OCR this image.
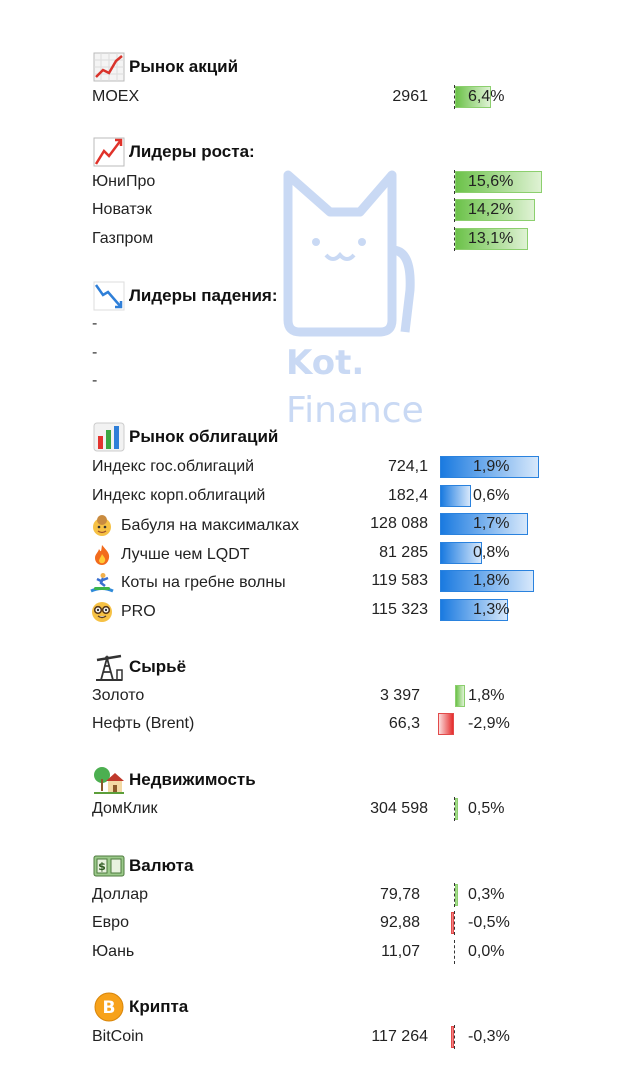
Kot.
Finance
Рынок акций
MOEX	2961	6,4%
Лидеры роста:
ЮниПро	15,6%
Новатэк	14,2%
Газпром	13,1%
Лидеры падения:
-
-
-
Рынок облигаций
Индекс гос.облигаций	724,1	1,9%
Индекс корп.облигаций	182,4	0,6%
Бабуля на максималках	128 088	1,7%
Лучше чем LQDT	81 285	0,8%
Коты на гребне волны	119 583	1,8%
PRO	115 323	1,3%
Сырьё
Золото	3 397	1,8%
Нефть (Brent)	66,3	-2,9%
Недвижимость
ДомКлик	304 598	0,5%
$ Валюта
Доллар	79,78	0,3%
Евро	92,88	-0,5%
Юань	11,07	0,0%
B Крипта
BitCoin	117 264	-0,3%
